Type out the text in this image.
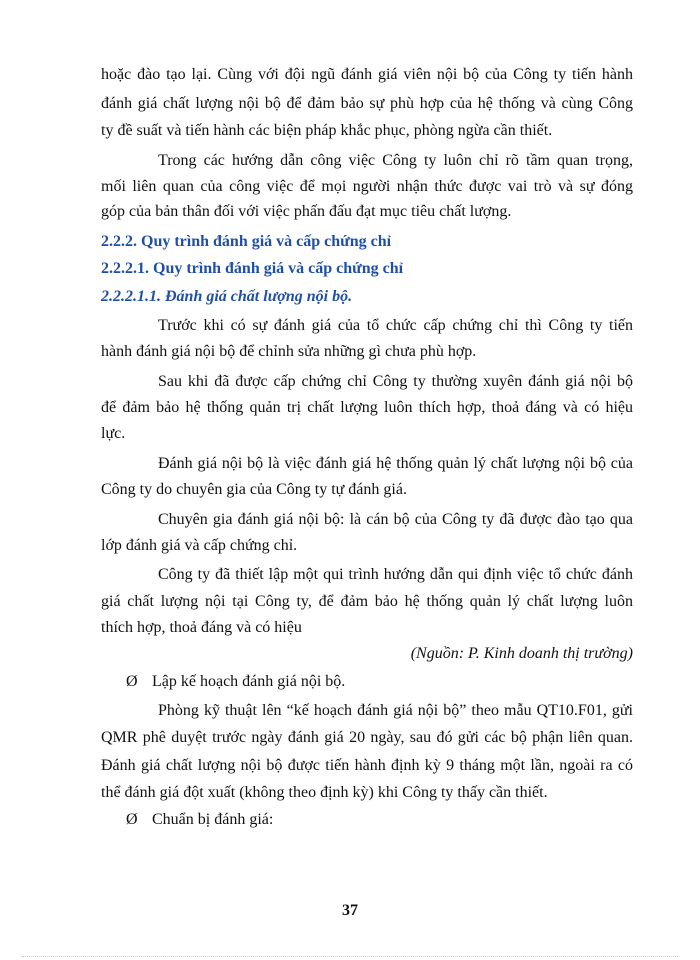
hoặc đào tạo lại. Cùng với đội ngũ đánh giá viên nội bộ của Công ty tiến hành
đánh giá chất lượng nội bộ để đảm bảo sự phù hợp của hệ thống và cùng Công
ty đề suất và tiến hành các biện pháp khắc phục, phòng ngừa cần thiết.
Trong các hướng dẫn công việc Công ty luôn chỉ rõ tầm quan trọng,
mối liên quan của công việc để mọi người nhận thức được vai trò và sự đóng
góp của bản thân đối với việc phấn đấu đạt mục tiêu chất lượng.
2.2.2. Quy trình đánh giá và cấp chứng chỉ
2.2.2.1. Quy trình đánh giá và cấp chứng chỉ
2.2.2.1.1. Đánh giá chất lượng nội bộ.
Trước khi có sự đánh giá của tổ chức cấp chứng chỉ thì Công ty tiến
hành đánh giá nội bộ để chỉnh sửa những gì chưa phù hợp.
Sau khi đã được cấp chứng chỉ Công ty thường xuyên đánh giá nội bộ
để đảm bảo hệ thống quản trị chất lượng luôn thích hợp, thoả đáng và có hiệu
lực.
Đánh giá nội bộ là việc đánh giá hệ thống quản lý chất lượng nội bộ của
Công ty do chuyên gia của Công ty tự đánh giá.
Chuyên gia đánh giá nội bộ: là cán bộ của Công ty đã được đào tạo qua
lớp đánh giá và cấp chứng chỉ.
Công ty đã thiết lập một qui trình hướng dẫn qui định việc tổ chức đánh
giá chất lượng nội tại Công ty, để đảm bảo hệ thống quản lý chất lượng luôn
thích hợp, thoả đáng và có hiệu
(Nguồn: P. Kinh doanh thị trường)
Ø Lập kế hoạch đánh giá nội bộ.
Phòng kỹ thuật lên “kế hoạch đánh giá nội bộ” theo mẫu QT10.F01, gửi
QMR phê duyệt trước ngày đánh giá 20 ngày, sau đó gửi các bộ phận liên quan.
Đánh giá chất lượng nội bộ được tiến hành định kỳ 9 tháng một lần, ngoài ra có
thể đánh giá đột xuất (không theo định kỳ) khi Công ty thấy cần thiết.
Ø Chuẩn bị đánh giá:
37
